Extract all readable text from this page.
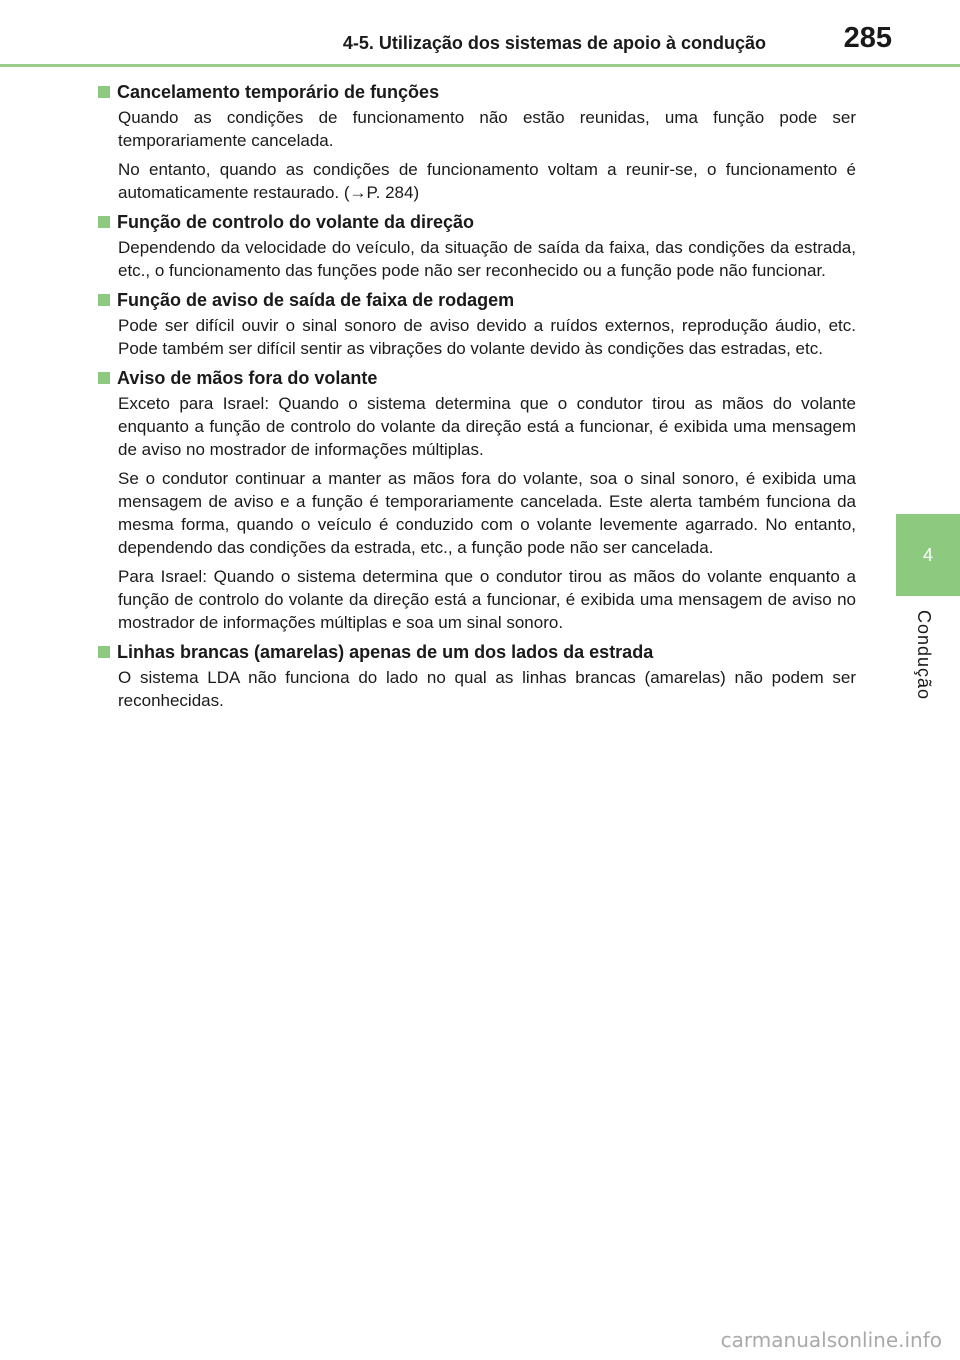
4-5. Utilização dos sistemas de apoio à condução	285
4
Condução
Cancelamento temporário de funções

Quando as condições de funcionamento não estão reunidas, uma função pode ser temporariamente cancelada.

No entanto, quando as condições de funcionamento voltam a reunir-se, o funcionamento é automaticamente restaurado. (→P. 284)

Função de controlo do volante da direção

Dependendo da velocidade do veículo, da situação de saída da faixa, das condições da estrada, etc., o funcionamento das funções pode não ser reconhecido ou a função pode não funcionar.

Função de aviso de saída de faixa de rodagem

Pode ser difícil ouvir o sinal sonoro de aviso devido a ruídos externos, reprodução áudio, etc. Pode também ser difícil sentir as vibrações do volante devido às condições das estradas, etc.

Aviso de mãos fora do volante

Exceto para Israel: Quando o sistema determina que o condutor tirou as mãos do volante enquanto a função de controlo do volante da direção está a funcionar, é exibida uma mensagem de aviso no mostrador de informações múltiplas.

Se o condutor continuar a manter as mãos fora do volante, soa o sinal sonoro, é exibida uma mensagem de aviso e a função é temporariamente cancelada. Este alerta também funciona da mesma forma, quando o veículo é conduzido com o volante levemente agarrado. No entanto, dependendo das condições da estrada, etc., a função pode não ser cancelada.

Para Israel: Quando o sistema determina que o condutor tirou as mãos do volante enquanto a função de controlo do volante da direção está a funcionar, é exibida uma mensagem de aviso no mostrador de informações múltiplas e soa um sinal sonoro.

Linhas brancas (amarelas) apenas de um dos lados da estrada

O sistema LDA não funciona do lado no qual as linhas brancas (amarelas) não podem ser reconhecidas.

carmanualsonline.info
